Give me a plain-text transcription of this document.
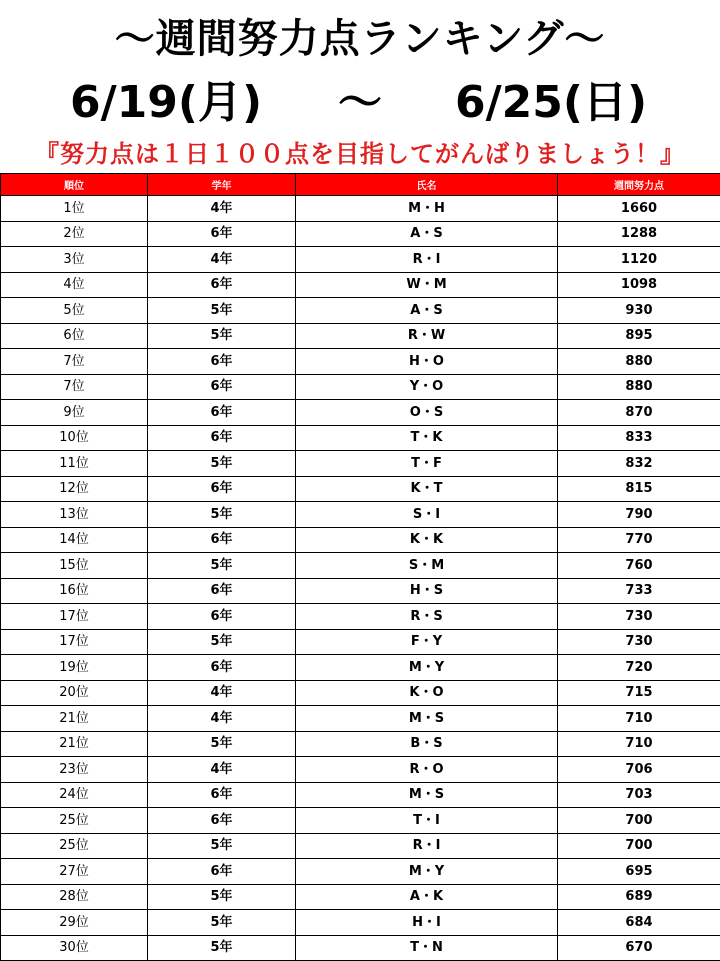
～週間努力点ランキング～
6/19(月) ～ 6/25(日)
『努力点は１日１００点を目指してがんばりましょう！』
順位	学年	氏名	週間努力点
1位	4年	M・H	1660
2位	6年	A・S	1288
3位	4年	R・I	1120
4位	6年	W・M	1098
5位	5年	A・S	930
6位	5年	R・W	895
7位	6年	H・O	880
7位	6年	Y・O	880
9位	6年	O・S	870
10位	6年	T・K	833
11位	5年	T・F	832
12位	6年	K・T	815
13位	5年	S・I	790
14位	6年	K・K	770
15位	5年	S・M	760
16位	6年	H・S	733
17位	6年	R・S	730
17位	5年	F・Y	730
19位	6年	M・Y	720
20位	4年	K・O	715
21位	4年	M・S	710
21位	5年	B・S	710
23位	4年	R・O	706
24位	6年	M・S	703
25位	6年	T・I	700
25位	5年	R・I	700
27位	6年	M・Y	695
28位	5年	A・K	689
29位	5年	H・I	684
30位	5年	T・N	670
